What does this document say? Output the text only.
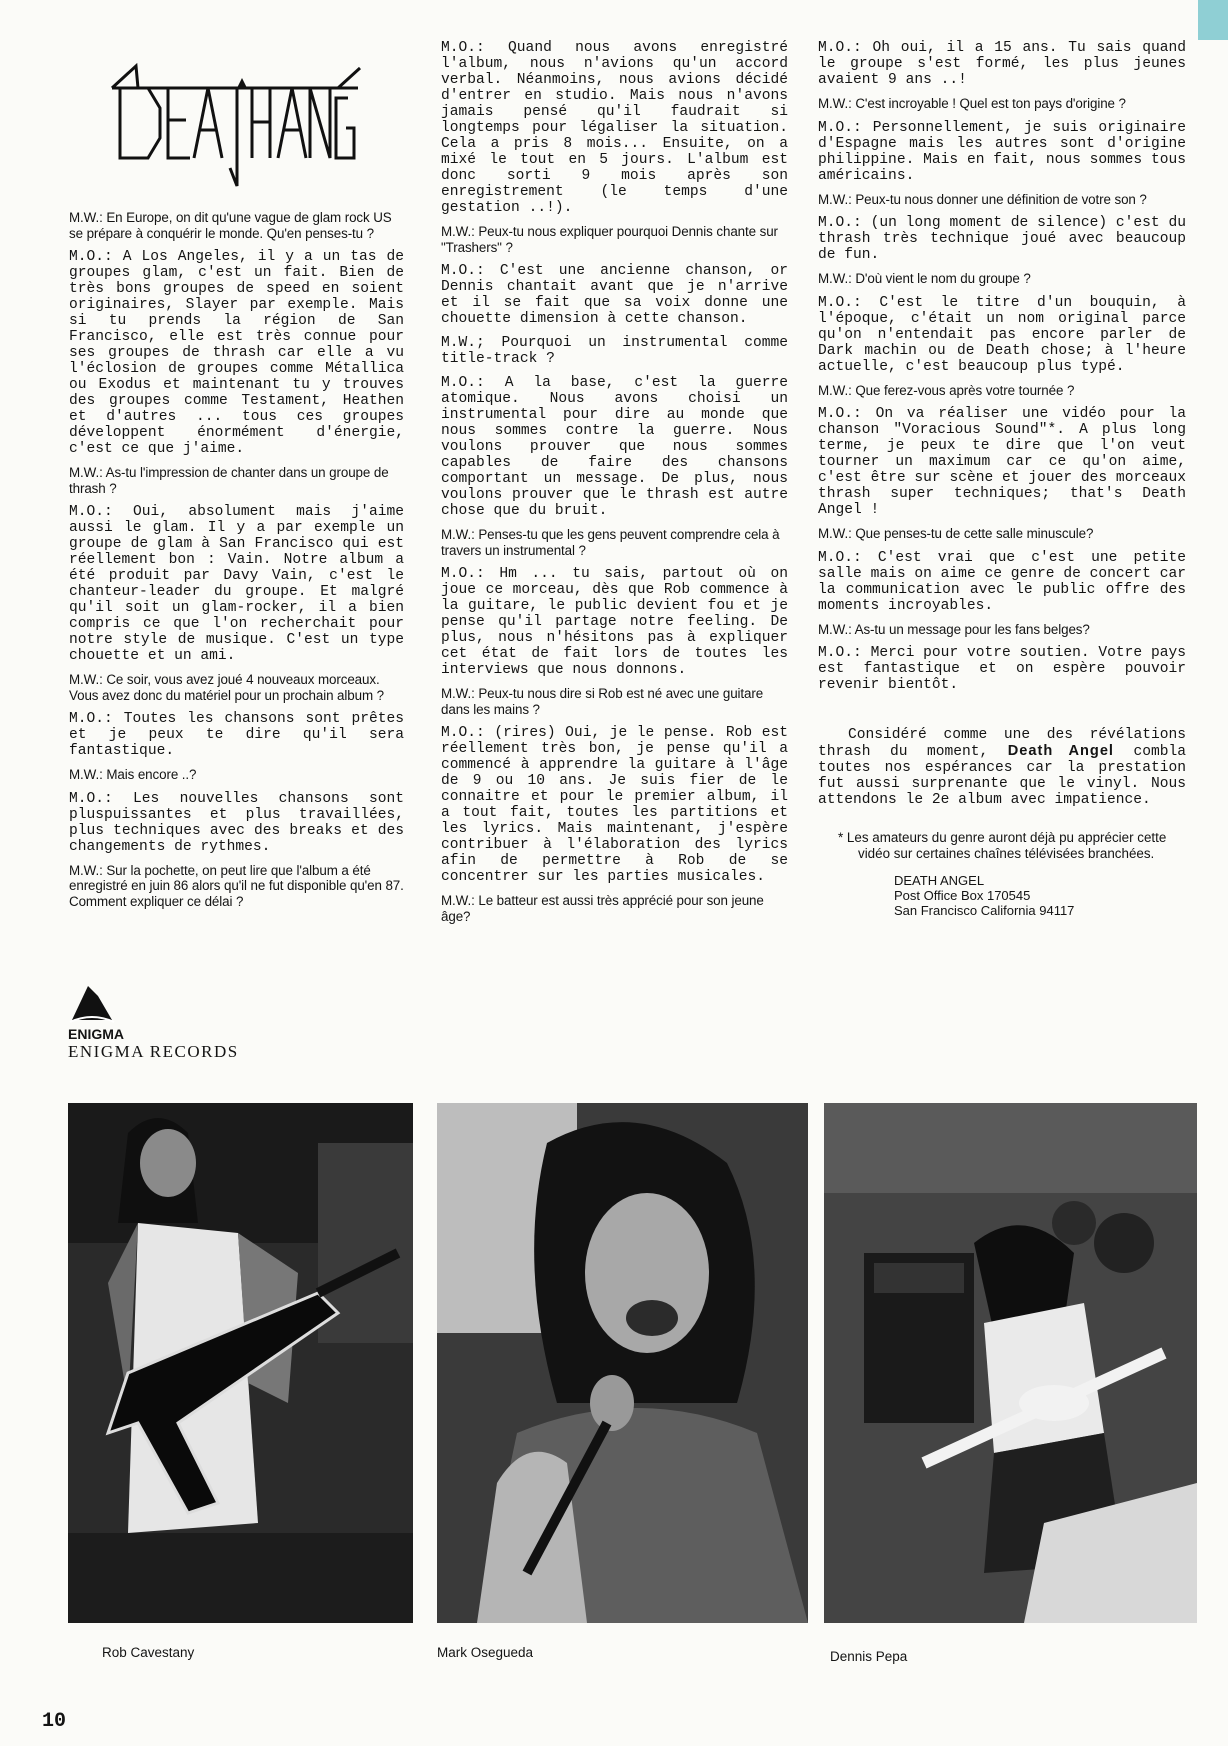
M.W.: En Europe, on dit qu'une vague de glam rock US se prépare à conquérir le monde. Qu'en penses-tu ?

M.O.: A Los Angeles, il y a un tas de groupes glam, c'est un fait. Bien de très bons groupes de speed en soient originaires, Slayer par exemple. Mais si tu prends la région de San Francisco, elle est très connue pour ses groupes de thrash car elle a vu l'éclosion de groupes comme Métallica ou Exodus et maintenant tu y trouves des groupes comme Testament, Heathen et d'autres ... tous ces groupes développent énormément d'énergie, c'est ce que j'aime.

M.W.: As-tu l'impression de chanter dans un groupe de thrash ?

M.O.: Oui, absolument mais j'aime aussi le glam. Il y a par exemple un groupe de glam à San Francisco qui est réellement bon : Vain. Notre album a été produit par Davy Vain, c'est le chanteur-leader du groupe. Et malgré qu'il soit un glam-rocker, il a bien compris ce que l'on recherchait pour notre style de musique. C'est un type chouette et un ami.

M.W.: Ce soir, vous avez joué 4 nouveaux morceaux. Vous avez donc du matériel pour un prochain album ?

M.O.: Toutes les chansons sont prêtes et je peux te dire qu'il sera fantastique.

M.W.: Mais encore ..?

M.O.: Les nouvelles chansons sont pluspuissantes et plus travaillées, plus techniques avec des breaks et des changements de rythmes.

M.W.: Sur la pochette, on peut lire que l'album a été enregistré en juin 86 alors qu'il ne fut disponible qu'en 87. Comment expliquer ce délai ?

M.O.: Quand nous avons enregistré l'album, nous n'avions qu'un accord verbal. Néanmoins, nous avions décidé d'entrer en studio. Mais nous n'avons jamais pensé qu'il faudrait si longtemps pour légaliser la situation. Cela a pris 8 mois... Ensuite, on a mixé le tout en 5 jours. L'album est donc sorti 9 mois après son enregistrement (le temps d'une gestation ..!).

M.W.: Peux-tu nous expliquer pourquoi Dennis chante sur "Trashers" ?

M.O.: C'est une ancienne chanson, or Dennis chantait avant que je n'arrive et il se fait que sa voix donne une chouette dimension à cette chanson.

M.W.; Pourquoi un instrumental comme title-track ?

M.O.: A la base, c'est la guerre atomique. Nous avons choisi un instrumental pour dire au monde que nous sommes contre la guerre. Nous voulons prouver que nous sommes capables de faire des chansons comportant un message. De plus, nous voulons prouver que le thrash est autre chose que du bruit.

M.W.: Penses-tu que les gens peuvent comprendre cela à travers un instrumental ?

M.O.: Hm ... tu sais, partout où on joue ce morceau, dès que Rob commence à la guitare, le public devient fou et je pense qu'il partage notre feeling. De plus, nous n'hésitons pas à expliquer cet état de fait lors de toutes les interviews que nous donnons.

M.W.: Peux-tu nous dire si Rob est né avec une guitare dans les mains ?

M.O.: (rires) Oui, je le pense. Rob est réellement très bon, je pense qu'il a commencé à apprendre la guitare à l'âge de 9 ou 10 ans. Je suis fier de le connaitre et pour le premier album, il a tout fait, toutes les partitions et les lyrics. Mais maintenant, j'espère contribuer à l'élaboration des lyrics afin de permettre à Rob de se concentrer sur les parties musicales.

M.W.: Le batteur est aussi très apprécié pour son jeune âge?

M.O.: Oh oui, il a 15 ans. Tu sais quand le groupe s'est formé, les plus jeunes avaient 9 ans ..!

M.W.: C'est incroyable ! Quel est ton pays d'origine ?

M.O.: Personnellement, je suis originaire d'Espagne mais les autres sont d'origine philippine. Mais en fait, nous sommes tous américains.

M.W.: Peux-tu nous donner une définition de votre son ?

M.O.: (un long moment de silence) c'est du thrash très technique joué avec beaucoup de fun.

M.W.: D'où vient le nom du groupe ?

M.O.: C'est le titre d'un bouquin, à l'époque, c'était un nom original parce qu'on n'entendait pas encore parler de Dark machin ou de Death chose; à l'heure actuelle, c'est beaucoup plus typé.

M.W.: Que ferez-vous après votre tournée ?

M.O.: On va réaliser une vidéo pour la chanson "Voracious Sound"*. A plus long terme, je peux te dire que l'on veut tourner un maximum car ce qu'on aime, c'est être sur scène et jouer des morceaux thrash super techniques; that's Death Angel !

M.W.: Que penses-tu de cette salle minuscule?

M.O.: C'est vrai que c'est une petite salle mais on aime ce genre de concert car la communication avec le public offre des moments incroyables.

M.W.: As-tu un message pour les fans belges?

M.O.: Merci pour votre soutien. Votre pays est fantastique et on espère pouvoir revenir bientôt.

Considéré comme une des révélations thrash du moment, Death Angel combla toutes nos espérances car la prestation fut aussi surprenante que le vinyl. Nous attendons le 2e album avec impatience.

* Les amateurs du genre auront déjà pu apprécier cette vidéo sur certaines chaînes télévisées branchées.

DEATH ANGEL
Post Office Box 170545
San Francisco California 94117
ENIGMA
ENIGMA RECORDS
Rob Cavestany	Mark Osegueda	Dennis Pepa
10
